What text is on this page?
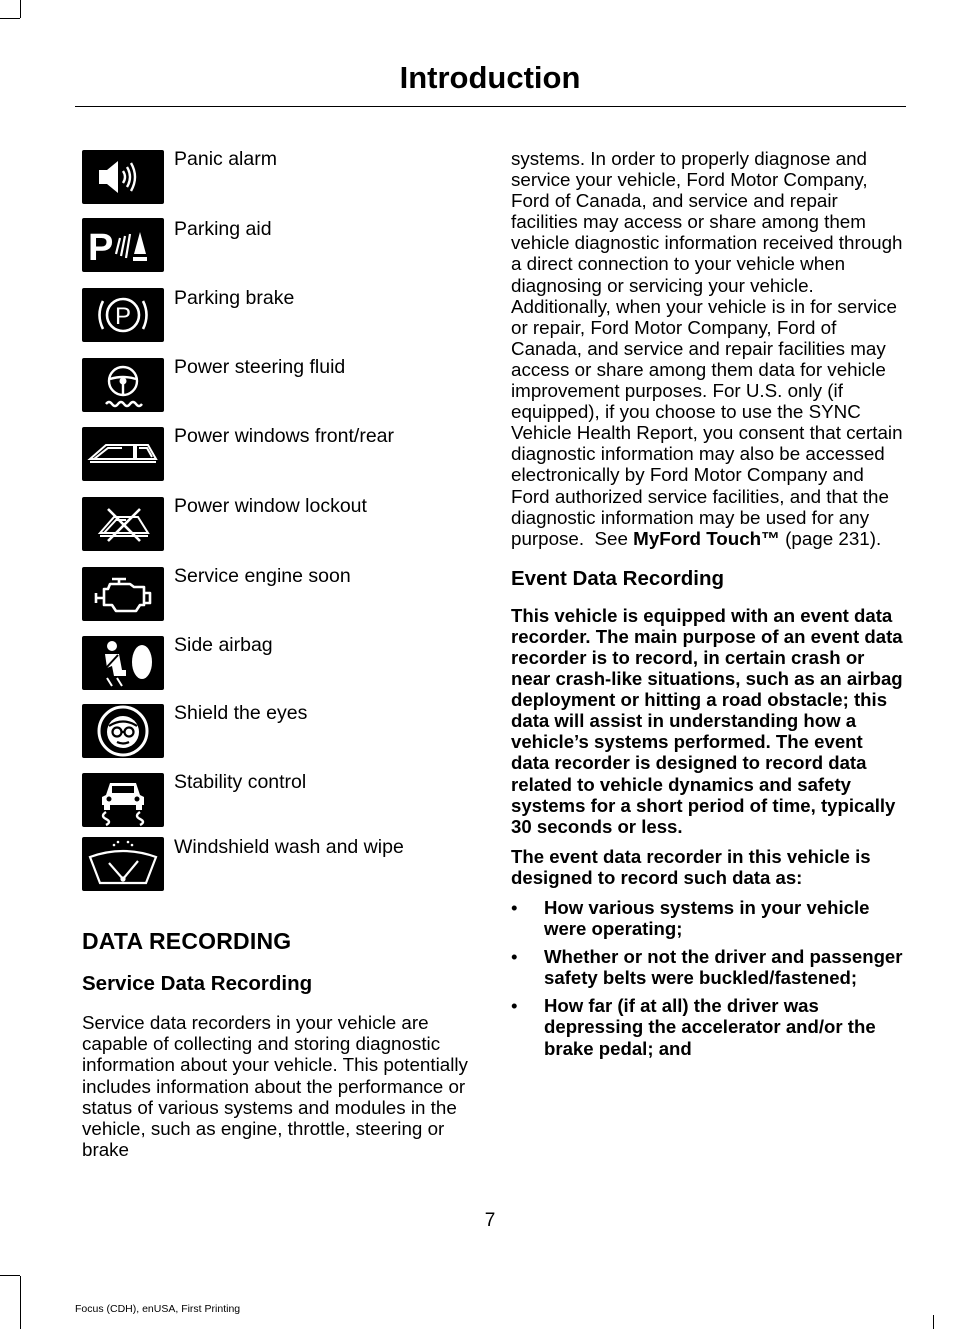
Introduction
Panic alarm
P	Parking aid
P
Parking brake
Power steering fluid
Power windows front/rear
Power window lockout
Service engine soon
Side airbag
Shield the eyes
Stability control
Windshield wash and wipe
DATA RECORDING
Service Data Recording

Service data recorders in your vehicle are capable of collecting and storing diagnostic information about your vehicle. This potentially includes information about the performance or status of various systems and modules in the vehicle, such as engine, throttle, steering or brake

systems. In order to properly diagnose and service your vehicle, Ford Motor Company, Ford of Canada, and service and repair facilities may access or share among them vehicle diagnostic information received through a direct connection to your vehicle when diagnosing or servicing your vehicle. Additionally, when your vehicle is in for service or repair, Ford Motor Company, Ford of Canada, and service and repair facilities may access or share among them data for vehicle improvement purposes. For U.S. only (if equipped), if you choose to use the SYNC Vehicle Health Report, you consent that certain diagnostic information may also be accessed electronically by Ford Motor Company and Ford authorized service facilities, and that the diagnostic information may be used for any purpose. See MyFord Touch™ (page 231).

Event Data Recording

This vehicle is equipped with an event data recorder. The main purpose of an event data recorder is to record, in certain crash or near crash-like situations, such as an airbag deployment or hitting a road obstacle; this data will assist in understanding how a vehicle’s systems performed. The event data recorder is designed to record data related to vehicle dynamics and safety systems for a short period of time, typically 30 seconds or less.

The event data recorder in this vehicle is designed to record such data as:

• How various systems in your vehicle were operating;
• Whether or not the driver and passenger safety belts were buckled/fastened;
• How far (if at all) the driver was depressing the accelerator and/or the brake pedal; and
7
Focus (CDH), enUSA, First Printing
